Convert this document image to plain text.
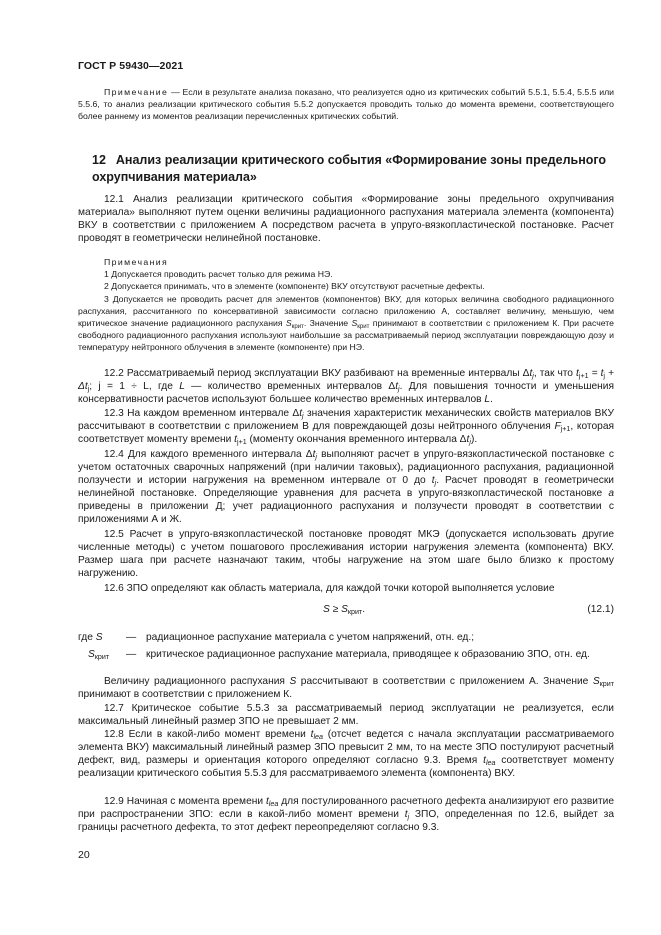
ГОСТ Р 59430—2021
Примечание — Если в результате анализа показано, что реализуется одно из критических событий 5.5.1, 5.5.4, 5.5.5 или 5.5.6, то анализ реализации критического события 5.5.2 допускается проводить только до момента времени, соответствующего более раннему из моментов реализации перечисленных критических событий.
12 Анализ реализации критического события «Формирование зоны предельного охрупчивания материала»
12.1 Анализ реализации критического события «Формирование зоны предельного охрупчивания материала» выполняют путем оценки величины радиационного распухания материала элемента (компонента) ВКУ в соответствии с приложением А посредством расчета в упруго-вязкопластической постановке. Расчет проводят в геометрически нелинейной постановке.
Примечания
1 Допускается проводить расчет только для режима НЭ.
2 Допускается принимать, что в элементе (компоненте) ВКУ отсутствуют расчетные дефекты.
3 Допускается не проводить расчет для элементов (компонентов) ВКУ, для которых величина свободного радиационного распухания, рассчитанного по консервативной зависимости согласно приложению А, составляет величину, меньшую, чем критическое значение радиационного распухания $S_{крит}$. Значение $S_{крит}$ принимают в соответствии с приложением К. При расчете свободного радиационного распухания используют наибольшие за рассматриваемый период эксплуатации повреждающую дозу и температуру нейтронного облучения в элементе (компоненте) при НЭ.
12.2 Рассматриваемый период эксплуатации ВКУ разбивают на временные интервалы $\Delta t_j$, так что $t_{j+1} = t_j + \Delta t_j$; j = 1 ÷ L, где L — количество временных интервалов $\Delta t_j$. Для повышения точности и уменьшения консервативности расчетов используют большее количество временных интервалов L.
12.3 На каждом временном интервале $\Delta t_j$ значения характеристик механических свойств материалов ВКУ рассчитывают в соответствии с приложением В для повреждающей дозы нейтронного облучения $F_{j+1}$, которая соответствует моменту времени $t_{j+1}$ (моменту окончания временного интервала $\Delta t_j$).
12.4 Для каждого временного интервала $\Delta t_j$ выполняют расчет в упруго-вязкопластической постановке с учетом остаточных сварочных напряжений (при наличии таковых), радиационного распухания, радиационной ползучести и истории нагружения на временном интервале от 0 до $t_j$. Расчет проводят в геометрически нелинейной постановке. Определяющие уравнения для расчета в упруго-вязкопластической постановке а приведены в приложении Д; учет радиационного распухания и ползучести проводят в соответствии с приложениями А и Ж.
12.5 Расчет в упруго-вязкопластической постановке проводят МКЭ (допускается использовать другие численные методы) с учетом пошагового прослеживания истории нагружения элемента (компонента) ВКУ. Размер шага при расчете назначают таким, чтобы нагружение на этом шаге было близко к простому нагружению.
12.6 ЗПО определяют как область материала, для каждой точки которой выполняется условие
$S \ge S_{крит}$.	(12.1)
где S — радиационное распухание материала с учетом напряжений, отн. ед.;
$S_{крит}$ — критическое радиационное распухание материала, приводящее к образованию ЗПО, отн. ед.
Величину радиационного распухания S рассчитывают в соответствии с приложением А. Значение $S_{крит}$ принимают в соответствии с приложением К.
12.7 Критическое событие 5.5.3 за рассматриваемый период эксплуатации не реализуется, если максимальный линейный размер ЗПО не превышает 2 мм.
12.8 Если в какой-либо момент времени $t_{lea}$ (отсчет ведется с начала эксплуатации рассматриваемого элемента ВКУ) максимальный линейный размер ЗПО превысит 2 мм, то на месте ЗПО постулируют расчетный дефект, вид, размеры и ориентация которого определяют согласно 9.3. Время $t_{lea}$ соответствует моменту реализации критического события 5.5.3 для рассматриваемого элемента (компонента) ВКУ.
12.9 Начиная с момента времени $t_{lea}$ для постулированного расчетного дефекта анализируют его развитие при распространении ЗПО: если в какой-либо момент времени $t_j$ ЗПО, определенная по 12.6, выйдет за границы расчетного дефекта, то этот дефект переопределяют согласно 9.3.
20
